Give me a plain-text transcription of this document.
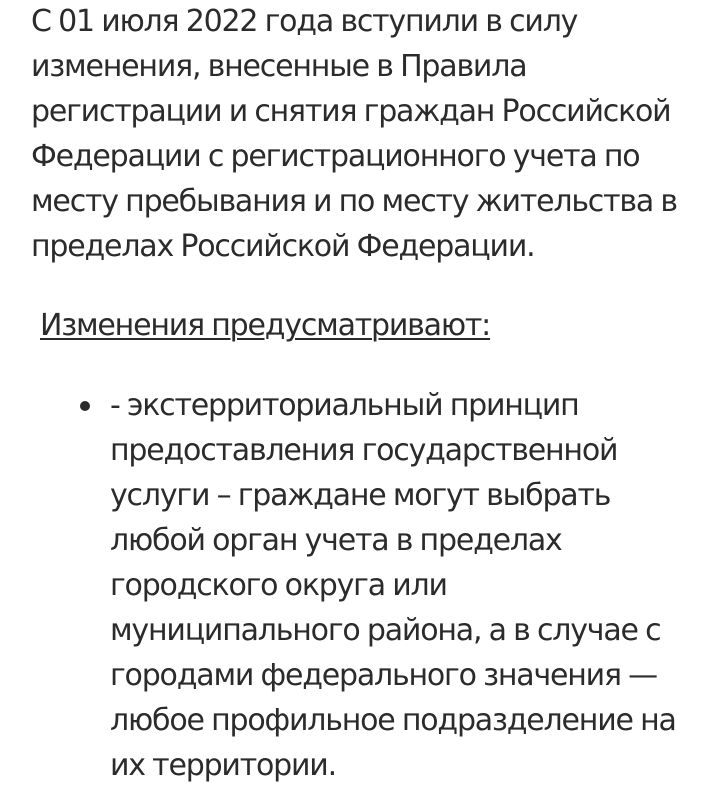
С 01 июля 2022 года вступили в силу изменения, внесенные в Правила регистрации и снятия граждан Российской Федерации с регистрационного учета по месту пребывания и по месту жительства в пределах Российской Федерации.

Изменения предусматривают:

- экстерриториальный принцип предоставления государственной услуги – граждане могут выбрать любой орган учета в пределах городского округа или муниципального района, а в случае с городами федерального значения — любое профильное подразделение на их территории.
